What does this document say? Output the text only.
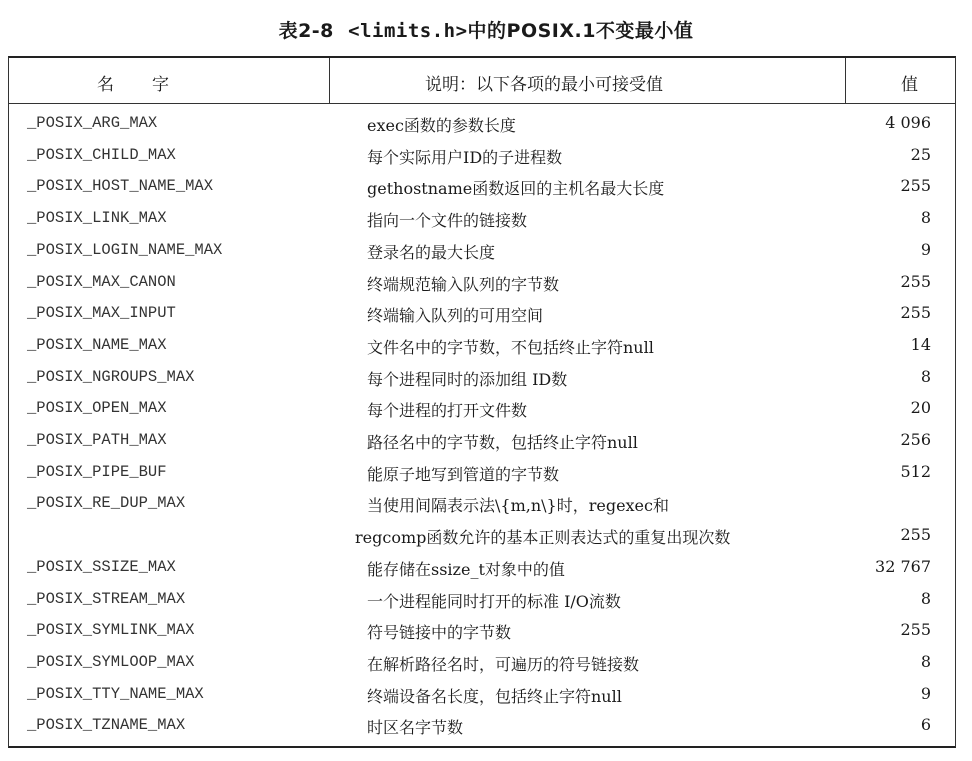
表2-8 <limits.h>中的POSIX.1不变最小值
名字	说明：以下各项的最小可接受值	值
_POSIX_ARG_MAX	exec函数的参数长度	4 096
_POSIX_CHILD_MAX	每个实际用户ID的子进程数	25
_POSIX_HOST_NAME_MAX	gethostname函数返回的主机名最大长度	255
_POSIX_LINK_MAX	指向一个文件的链接数	8
_POSIX_LOGIN_NAME_MAX	登录名的最大长度	9
_POSIX_MAX_CANON	终端规范输入队列的字节数	255
_POSIX_MAX_INPUT	终端输入队列的可用空间	255
_POSIX_NAME_MAX	文件名中的字节数，不包括终止字符null	14
_POSIX_NGROUPS_MAX	每个进程同时的添加组 ID数	8
_POSIX_OPEN_MAX	每个进程的打开文件数	20
_POSIX_PATH_MAX	路径名中的字节数，包括终止字符null	256
_POSIX_PIPE_BUF	能原子地写到管道的字节数	512
_POSIX_RE_DUP_MAX	当使用间隔表示法\{m,n\}时，regexec和
regcomp函数允许的基本正则表达式的重复出现次数	255
_POSIX_SSIZE_MAX	能存储在ssize_t对象中的值	32 767
_POSIX_STREAM_MAX	一个进程能同时打开的标准 I/O流数	8
_POSIX_SYMLINK_MAX	符号链接中的字节数	255
_POSIX_SYMLOOP_MAX	在解析路径名时，可遍历的符号链接数	8
_POSIX_TTY_NAME_MAX	终端设备名长度，包括终止字符null	9
_POSIX_TZNAME_MAX	时区名字节数	6
